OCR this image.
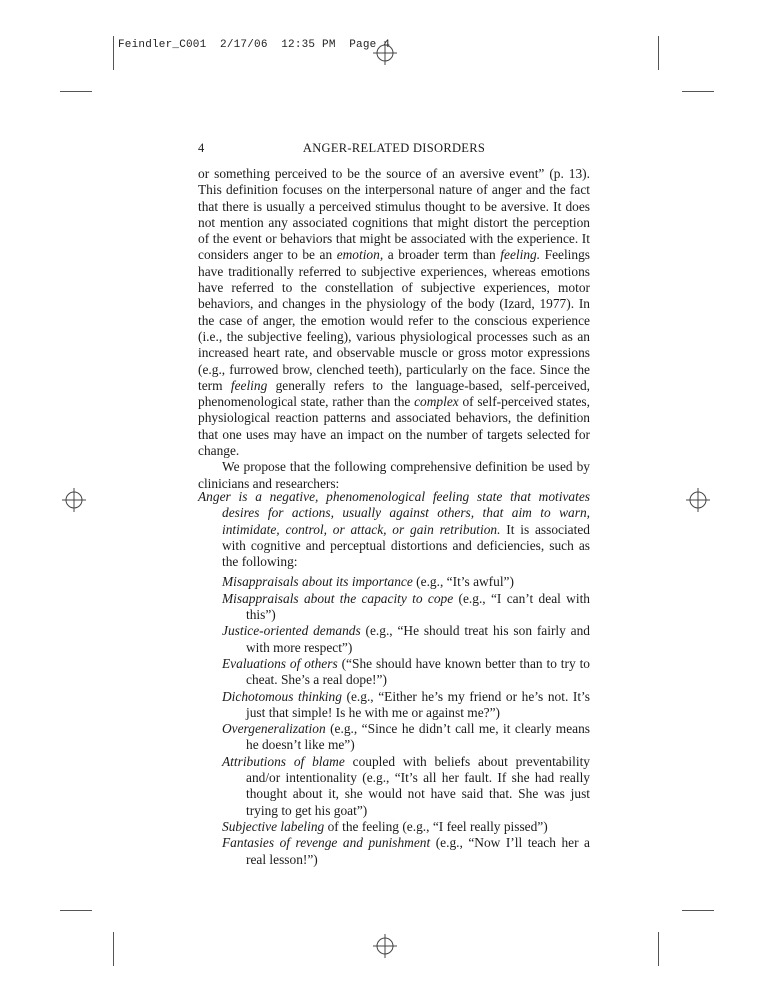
Feindler_C001  2/17/06  12:35 PM  Page 4
4	ANGER-RELATED DISORDERS

or something perceived to be the source of an aversive event” (p. 13). This definition focuses on the interpersonal nature of anger and the fact that there is usually a perceived stimulus thought to be aversive. It does not mention any associated cognitions that might distort the perception of the event or behaviors that might be associated with the experience. It considers anger to be an emotion, a broader term than feeling. Feelings have traditionally referred to subjective experiences, whereas emotions have referred to the constellation of subjective experiences, motor behaviors, and changes in the physiology of the body (Izard, 1977). In the case of anger, the emotion would refer to the conscious experience (i.e., the subjective feeling), various physiological processes such as an increased heart rate, and observable muscle or gross motor expressions (e.g., furrowed brow, clenched teeth), particularly on the face. Since the term feeling generally refers to the language-based, self-perceived, phenomenological state, rather than the complex of self-perceived states, physiological reaction patterns and associated behaviors, the definition that one uses may have an impact on the number of targets selected for change.

We propose that the following comprehensive definition be used by clinicians and researchers:

Anger is a negative, phenomenological feeling state that motivates desires for actions, usually against others, that aim to warn, intimidate, control, or attack, or gain retribution. It is associated with cognitive and perceptual distortions and deficiencies, such as the following:

Misappraisals about its importance (e.g., “It’s awful”)
Misappraisals about the capacity to cope (e.g., “I can’t deal with this”)
Justice-oriented demands (e.g., “He should treat his son fairly and with more respect”)
Evaluations of others (“She should have known better than to try to cheat. She’s a real dope!”)
Dichotomous thinking (e.g., “Either he’s my friend or he’s not. It’s just that simple! Is he with me or against me?”)
Overgeneralization (e.g., “Since he didn’t call me, it clearly means he doesn’t like me”)
Attributions of blame coupled with beliefs about preventability and/or intentionality (e.g., “It’s all her fault. If she had really thought about it, she would not have said that. She was just trying to get his goat”)
Subjective labeling of the feeling (e.g., “I feel really pissed”)
Fantasies of revenge and punishment (e.g., “Now I’ll teach her a real lesson!”)
